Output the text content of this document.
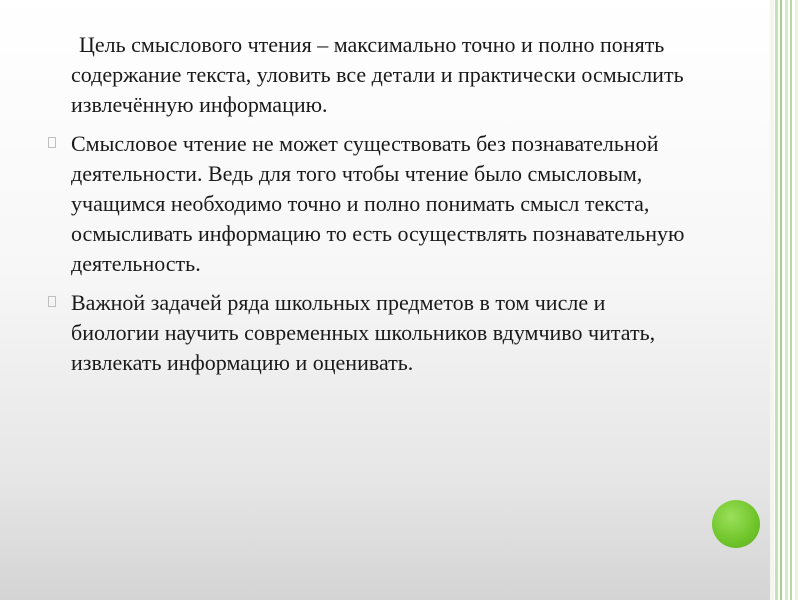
Цель смыслового чтения – максимально точно и полно понять содержание текста, уловить все детали и практически осмыслить извлечённую информацию.

Смысловое чтение не может существовать без познавательной деятельности. Ведь для того чтобы чтение было смысловым, учащимся необходимо точно и полно понимать смысл текста, осмысливать информацию то есть осуществлять познавательную деятельность.

Важной задачей ряда школьных предметов в том числе и биологии научить современных школьников вдумчиво читать, извлекать информацию и оценивать.
